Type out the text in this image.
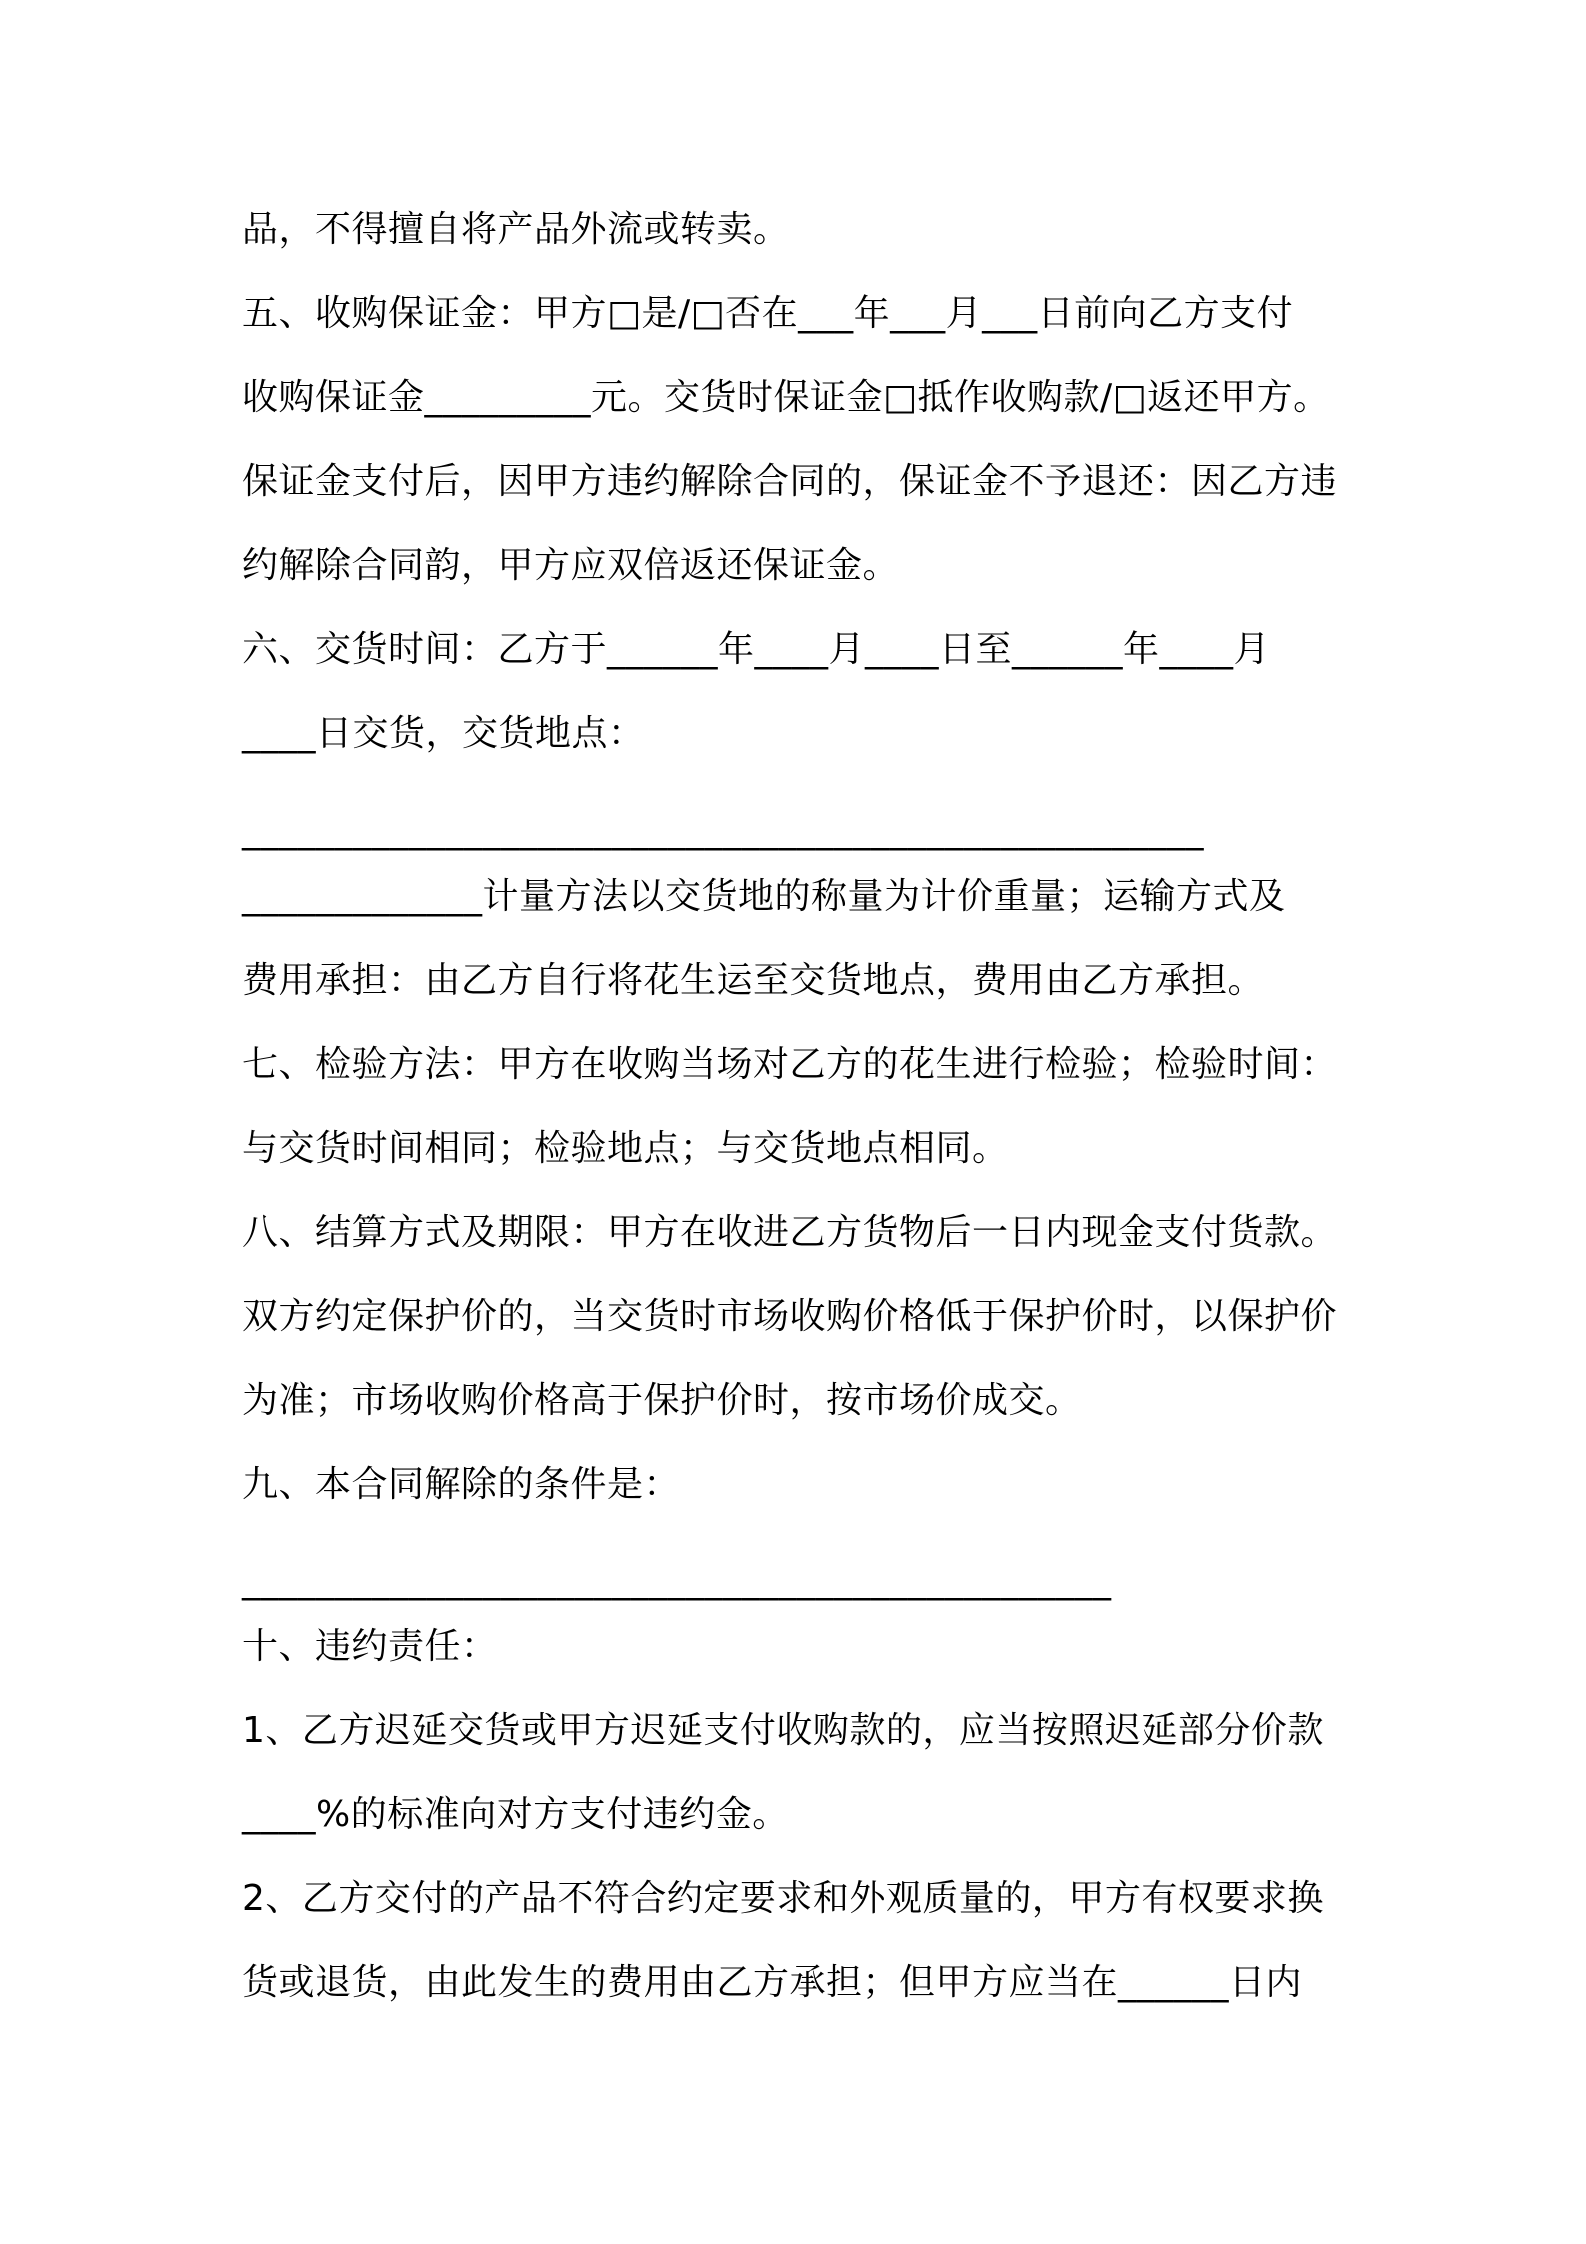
品，不得擅自将产品外流或转卖。
五、收购保证金：甲方□是/□否在___年___月___日前向乙方支付
收购保证金_________元。交货时保证金□抵作收购款/□返还甲方。
保证金支付后，因甲方违约解除合同的，保证金不予退还：因乙方违
约解除合同韵，甲方应双倍返还保证金。
六、交货时间：乙方于______年____月____日至______年____月
____日交货，交货地点：
____________________________________________________
_____________计量方法以交货地的称量为计价重量；运输方式及
费用承担：由乙方自行将花生运至交货地点，费用由乙方承担。
七、检验方法：甲方在收购当场对乙方的花生进行检验；检验时间：
与交货时间相同；检验地点；与交货地点相同。
八、结算方式及期限：甲方在收进乙方货物后一日内现金支付货款。
双方约定保护价的，当交货时市场收购价格低于保护价时，以保护价
为准；市场收购价格高于保护价时，按市场价成交。
九、本合同解除的条件是：
_______________________________________________
十、违约责任：
1、乙方迟延交货或甲方迟延支付收购款的，应当按照迟延部分价款
____%的标准向对方支付违约金。
2、乙方交付的产品不符合约定要求和外观质量的，甲方有权要求换
货或退货，由此发生的费用由乙方承担；但甲方应当在______日内
